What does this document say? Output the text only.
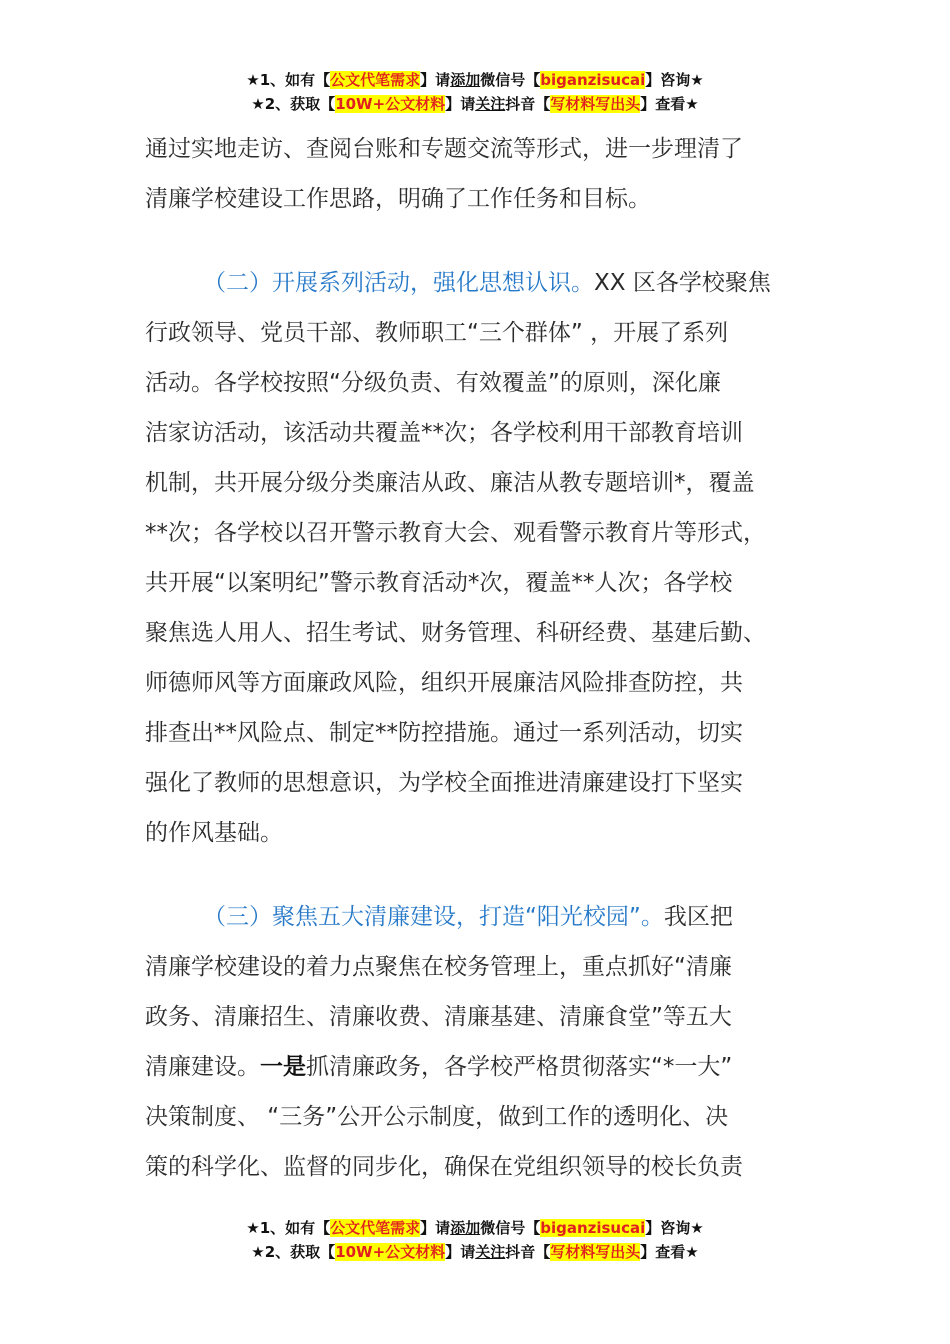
★1、如有【公文代笔需求】请添加微信号【biganzisucai】咨询★
★2、获取【10W+公文材料】请关注抖音【写材料写出头】查看★

通过实地走访、查阅台账和专题交流等形式，进一步理清了
清廉学校建设工作思路，明确了工作任务和目标。

（二）开展系列活动，强化思想认识。XX 区各学校聚焦
行政领导、党员干部、教师职工“三个群体” ，开展了系列
活动。各学校按照“分级负责、有效覆盖”的原则，深化廉
洁家访活动，该活动共覆盖**次；各学校利用干部教育培训
机制，共开展分级分类廉洁从政、廉洁从教专题培训*，覆盖
**次；各学校以召开警示教育大会、观看警示教育片等形式，
共开展“以案明纪”警示教育活动*次，覆盖**人次；各学校
聚焦选人用人、招生考试、财务管理、科研经费、基建后勤、
师德师风等方面廉政风险，组织开展廉洁风险排查防控，共
排查出**风险点、制定**防控措施。通过一系列活动，切实
强化了教师的思想意识，为学校全面推进清廉建设打下坚实
的作风基础。

（三）聚焦五大清廉建设，打造“阳光校园”。我区把
清廉学校建设的着力点聚焦在校务管理上，重点抓好“清廉
政务、清廉招生、清廉收费、清廉基建、清廉食堂”等五大
清廉建设。一是抓清廉政务，各学校严格贯彻落实“*一大”
决策制度、 “三务”公开公示制度，做到工作的透明化、决
策的科学化、监督的同步化，确保在党组织领导的校长负责

★1、如有【公文代笔需求】请添加微信号【biganzisucai】咨询★
★2、获取【10W+公文材料】请关注抖音【写材料写出头】查看★
